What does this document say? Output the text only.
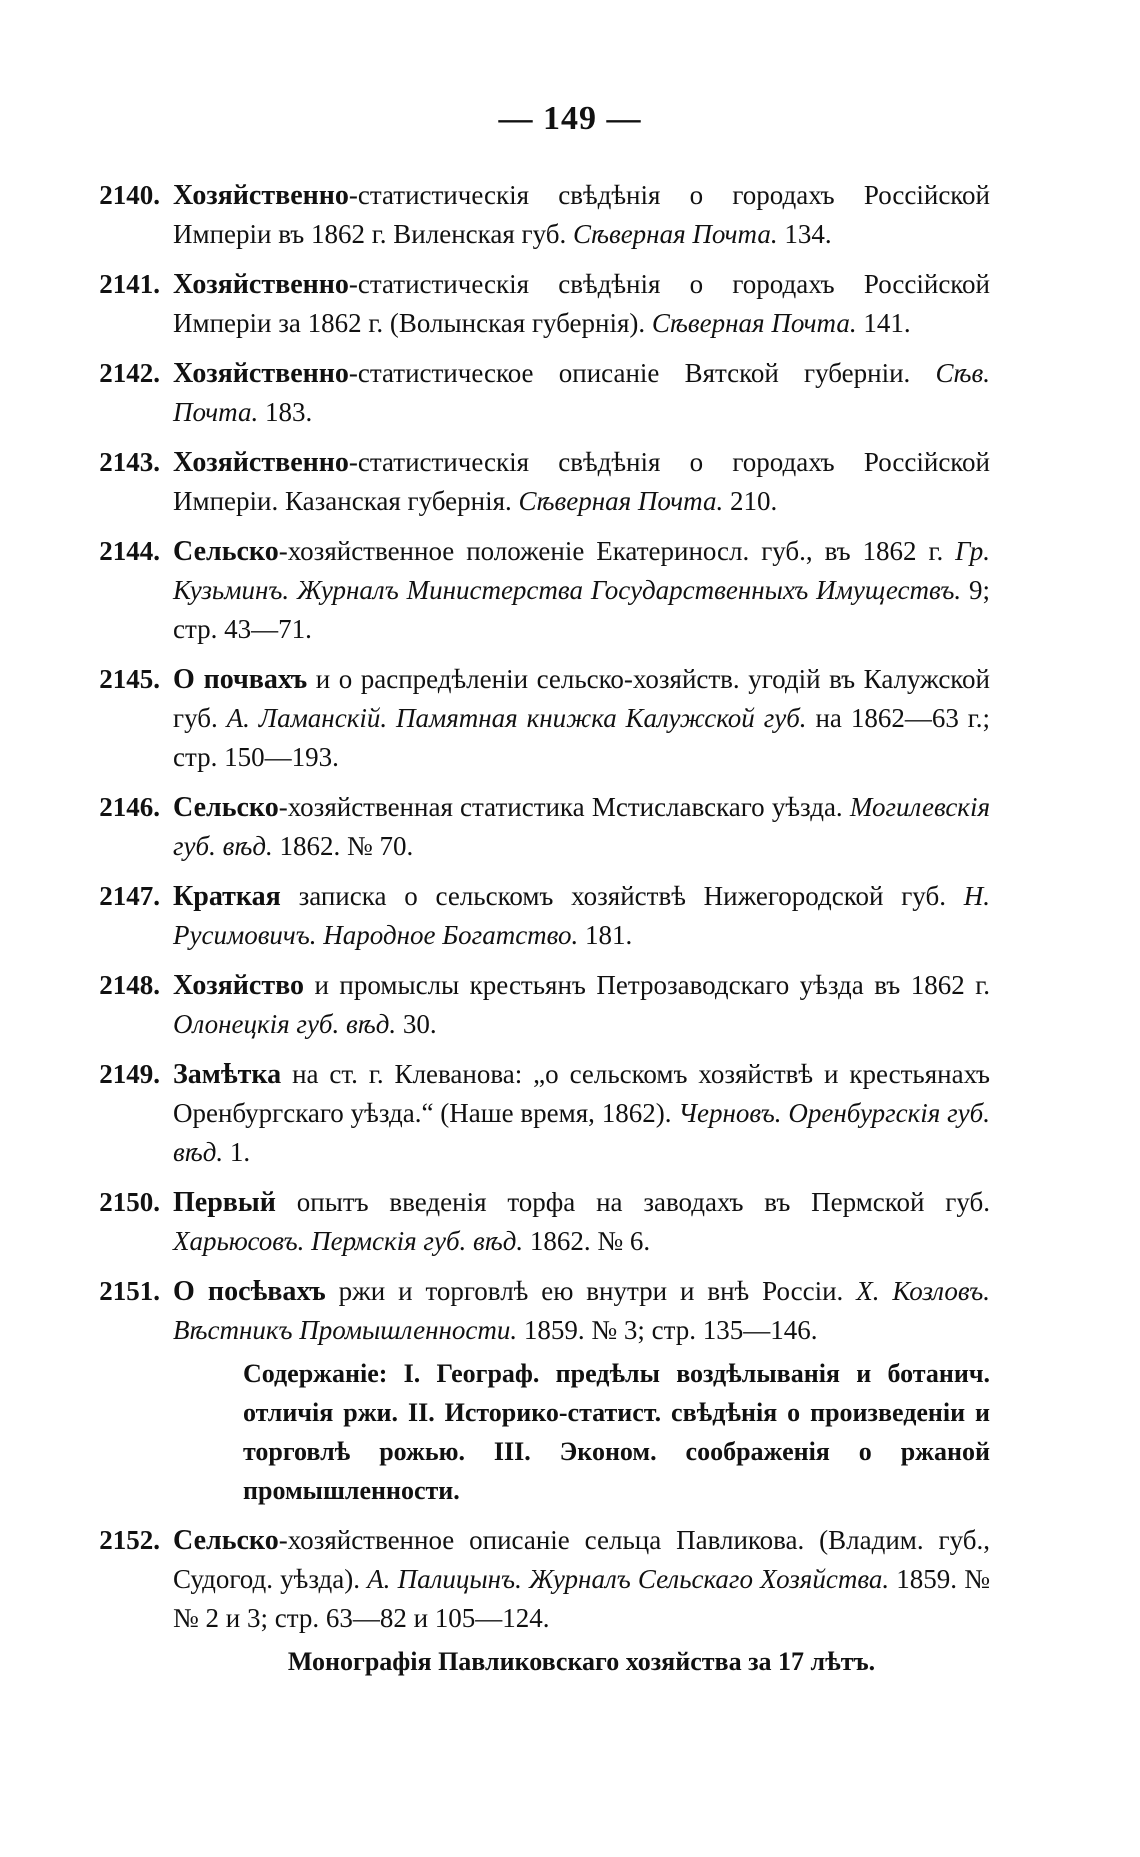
— 149 —
2140. Хозяйственно-статистическія свѣдѣнія о городахъ Россійской Имперіи въ 1862 г. Виленская губ. Сѣверная Почта. 134.
2141. Хозяйственно-статистическія свѣдѣнія о городахъ Россійской Имперіи за 1862 г. (Волынская губернія). Сѣверная Почта. 141.
2142. Хозяйственно-статистическое описаніе Вятской губерніи. Сѣв. Почта. 183.
2143. Хозяйственно-статистическія свѣдѣнія о городахъ Россійской Имперіи. Казанская губернія. Сѣверная Почта. 210.
2144. Сельско-хозяйственное положеніе Екатериносл. губ., въ 1862 г. Гр. Кузьминъ. Журналъ Министерства Государственныхъ Имуществъ. 9; стр. 43—71.
2145. О почвахъ и о распредѣленіи сельско-хозяйств. угодій въ Калужской губ. А. Ламанскій. Памятная книжка Калужской губ. на 1862—63 г.; стр. 150—193.
2146. Сельско-хозяйственная статистика Мстиславскаго уѣзда. Могилевскія губ. вѣд. 1862. № 70.
2147. Краткая записка о сельскомъ хозяйствѣ Нижегородской губ. Н. Русимовичъ. Народное Богатство. 181.
2148. Хозяйство и промыслы крестьянъ Петрозаводскаго уѣзда въ 1862 г. Олонецкія губ. вѣд. 30.
2149. Замѣтка на ст. г. Клеванова: „о сельскомъ хозяйствѣ и крестьянахъ Оренбургскаго уѣзда.“ (Наше время, 1862). Черновъ. Оренбургскія губ. вѣд. 1.
2150. Первый опытъ введенія торфа на заводахъ въ Пермской губ. Харьюсовъ. Пермскія губ. вѣд. 1862. № 6.
2151. О посѣвахъ ржи и торговлѣ ею внутри и внѣ Россіи. Х. Козловъ. Вѣстникъ Промышленности. 1859. № 3; стр. 135—146.
Содержаніе: I. Географ. предѣлы воздѣлыванія и ботанич. отличія ржи. II. Историко-статист. свѣдѣнія о произведеніи и торговлѣ рожью. III. Эконом. соображенія о ржаной промышленности.
2152. Сельско-хозяйственное описаніе сельца Павликова. (Владим. губ., Судогод. уѣзда). А. Палицынъ. Журналъ Сельскаго Хозяйства. 1859. №№ 2 и 3; стр. 63—82 и 105—124.
Монографія Павликовскаго хозяйства за 17 лѣтъ.
